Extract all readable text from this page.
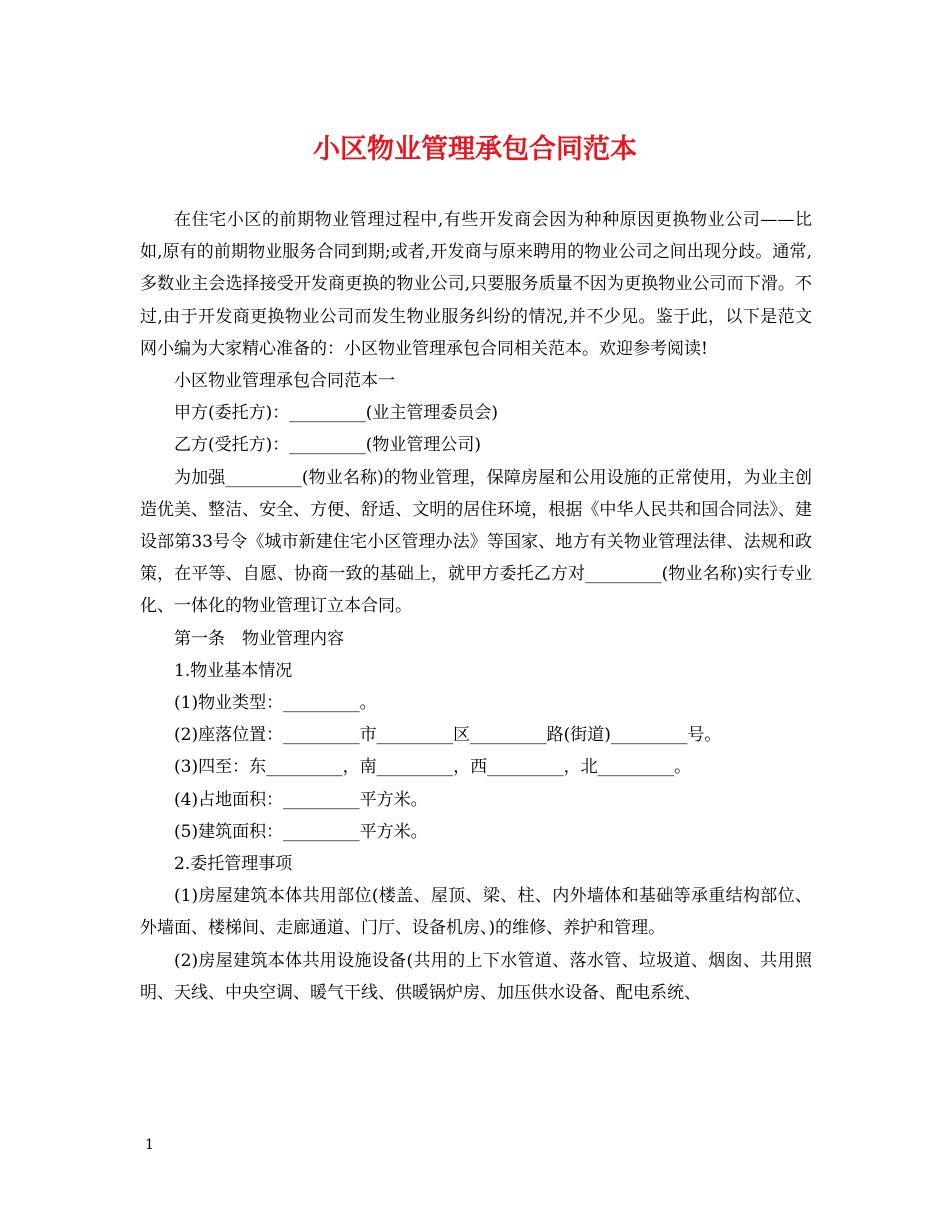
小区物业管理承包合同范本

在住宅小区的前期物业管理过程中,有些开发商会因为种种原因更换物业公司——比如,原有的前期物业服务合同到期;或者,开发商与原来聘用的物业公司之间出现分歧。通常,多数业主会选择接受开发商更换的物业公司,只要服务质量不因为更换物业公司而下滑。不过,由于开发商更换物业公司而发生物业服务纠纷的情况,并不少见。鉴于此，以下是范文网小编为大家精心准备的：小区物业管理承包合同相关范本。欢迎参考阅读!

小区物业管理承包合同范本一

甲方(委托方)：_________(业主管理委员会)

乙方(受托方)：_________(物业管理公司)

为加强_________(物业名称)的物业管理，保障房屋和公用设施的正常使用，为业主创造优美、整洁、安全、方便、舒适、文明的居住环境，根据《中华人民共和国合同法》、建设部第33号令《城市新建住宅小区管理办法》等国家、地方有关物业管理法律、法规和政策，在平等、自愿、协商一致的基础上，就甲方委托乙方对_________(物业名称)实行专业化、一体化的物业管理订立本合同。

第一条　物业管理内容

1.物业基本情况

(1)物业类型：_________。

(2)座落位置：_________市_________区_________路(街道)_________号。

(3)四至：东_________，南_________，西_________，北_________。

(4)占地面积：_________平方米。

(5)建筑面积：_________平方米。

2.委托管理事项

(1)房屋建筑本体共用部位(楼盖、屋顶、梁、柱、内外墙体和基础等承重结构部位、外墙面、楼梯间、走廊通道、门厅、设备机房、)的维修、养护和管理。

(2)房屋建筑本体共用设施设备(共用的上下水管道、落水管、垃圾道、烟囱、共用照明、天线、中央空调、暖气干线、供暖锅炉房、加压供水设备、配电系统、

1
